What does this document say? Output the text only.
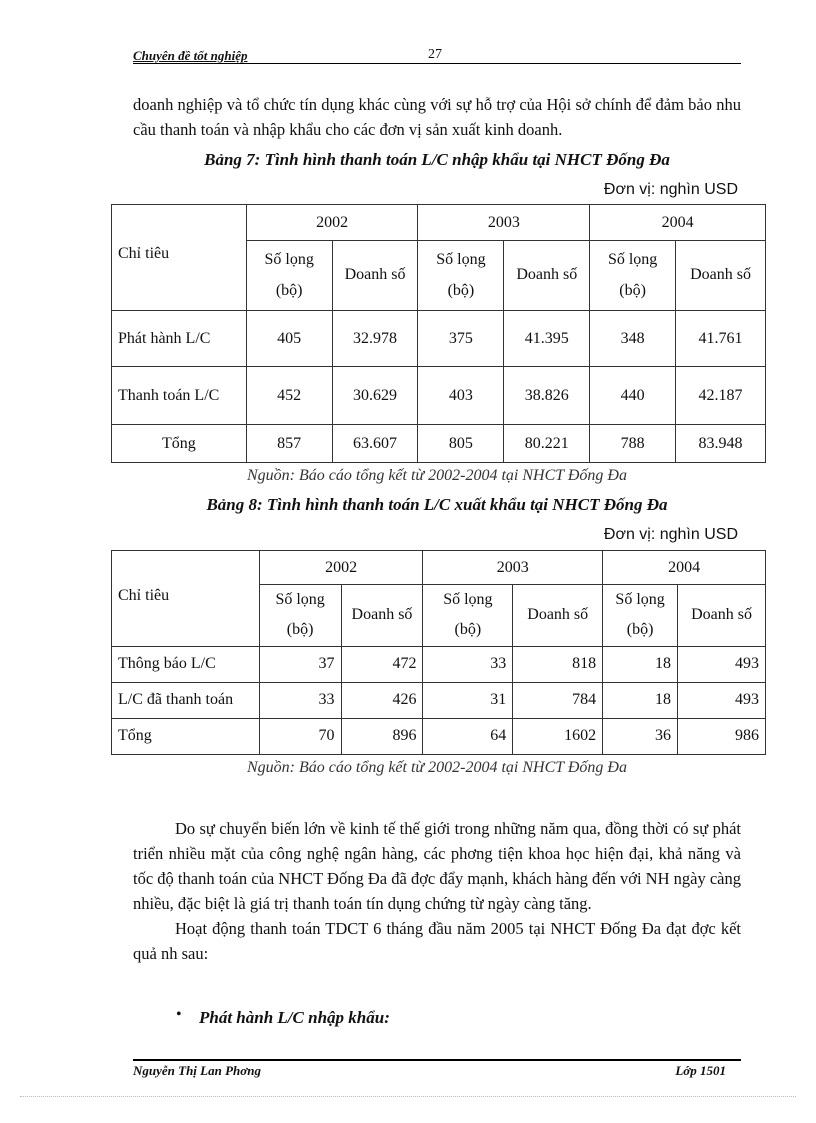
Chuyên đề tốt nghiệp	27

doanh nghiệp và tổ chức tín dụng khác cùng với sự hỗ trợ của Hội sở chính để đảm bảo nhu cầu thanh toán và nhập khẩu cho các đơn vị sản xuất kinh doanh.

Bảng 7: Tình hình thanh toán L/C nhập khẩu tại NHCT Đống Đa
Đơn vị: nghìn USD
Chỉ tiêu	2002		2003		2004	
	Số lọng (bộ)	Doanh số	Số lọng (bộ)	Doanh số	Số lọng (bộ)	Doanh số
Phát hành L/C	405	32.978	375	41.395	348	41.761
Thanh toán L/C	452	30.629	403	38.826	440	42.187
Tổng	857	63.607	805	80.221	788	83.948
Nguồn: Báo cáo tổng kết từ 2002-2004 tại NHCT Đống Đa
Bảng 8: Tình hình thanh toán L/C xuất khẩu tại NHCT Đống Đa
Đơn vị: nghìn USD
Chỉ tiêu	2002		2003		2004	
	Số lọng (bộ)	Doanh số	Số lọng (bộ)	Doanh số	Số lọng (bộ)	Doanh số
Thông báo L/C	37	472	33	818	18	493
L/C đã thanh toán	33	426	31	784	18	493
Tổng	70	896	64	1602	36	986
Nguồn: Báo cáo tổng kết từ 2002-2004 tại NHCT Đống Đa

Do sự chuyển biến lớn về kinh tế thế giới trong những năm qua, đồng thời có sự phát triển nhiều mặt của công nghệ ngân hàng, các phơng tiện khoa học hiện đại, khả năng và tốc độ thanh toán của NHCT Đống Đa đã đợc đẩy mạnh, khách hàng đến với NH ngày càng nhiều, đặc biệt là giá trị thanh toán tín dụng chứng từ ngày càng tăng.

Hoạt động thanh toán TDCT 6 tháng đầu năm 2005 tại NHCT Đống Đa đạt đợc kết quả nh sau:

• Phát hành L/C nhập khẩu:
Nguyễn Thị Lan Phơng	Lớp 1501
